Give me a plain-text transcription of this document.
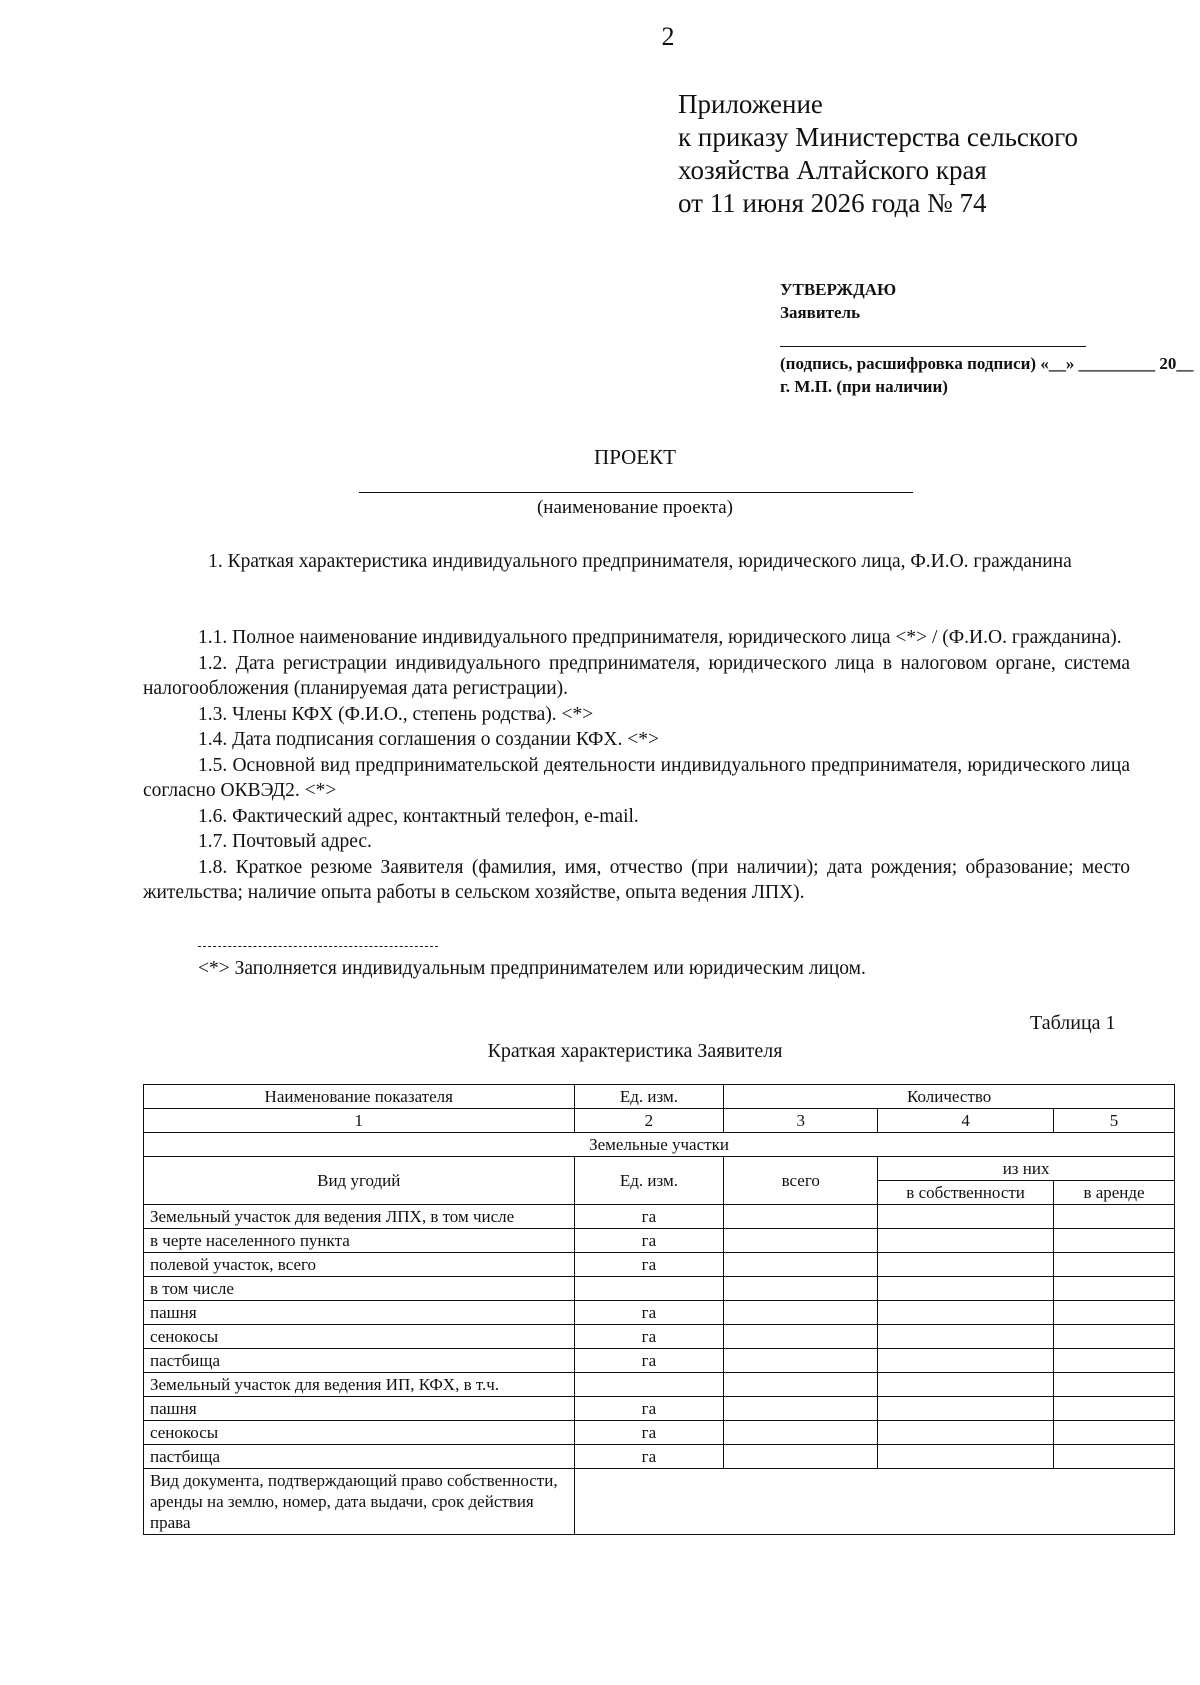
2
Приложение
к приказу Министерства сельского
хозяйства Алтайского края
от 11 июня 2026 года № 74
УТВЕРЖДАЮ
Заявитель
(подпись, расшифровка подписи) «__» _________ 20__ г. М.П. (при наличии)
ПРОЕКТ
(наименование проекта)
1. Краткая характеристика индивидуального предпринимателя, юридического лица, Ф.И.О. гражданина

1.1. Полное наименование индивидуального предпринимателя, юридического лица <*> / (Ф.И.О. гражданина).

1.2. Дата регистрации индивидуального предпринимателя, юридического лица в налоговом органе, система налогообложения (планируемая дата регистрации).

1.3. Члены КФХ (Ф.И.О., степень родства). <*>

1.4. Дата подписания соглашения о создании КФХ. <*>

1.5. Основной вид предпринимательской деятельности индивидуального предпринимателя, юридического лица согласно ОКВЭД2. <*>

1.6. Фактический адрес, контактный телефон, e-mail.

1.7. Почтовый адрес.

1.8. Краткое резюме Заявителя (фамилия, имя, отчество (при наличии); дата рождения; образование; место жительства; наличие опыта работы в сельском хозяйстве, опыта ведения ЛПХ).

<*> Заполняется индивидуальным предпринимателем или юридическим лицом.
Таблица 1
Краткая характеристика Заявителя
Наименование показателя	Ед. изм.	Количество		
1	2	3	4	5
Земельные участки				
Вид угодий	Ед. изм.	всего	из них	
			в собственности	в аренде
Земельный участок для ведения ЛПХ, в том числе	га			
в черте населенного пункта	га			
полевой участок, всего	га			
в том числе				
пашня	га			
сенокосы	га			
пастбища	га			
Земельный участок для ведения ИП, КФХ, в т.ч.				
пашня	га			
сенокосы	га			
пастбища	га			
Вид документа, подтверждающий право собственности, аренды на землю, номер, дата выдачи, срок действия права				
